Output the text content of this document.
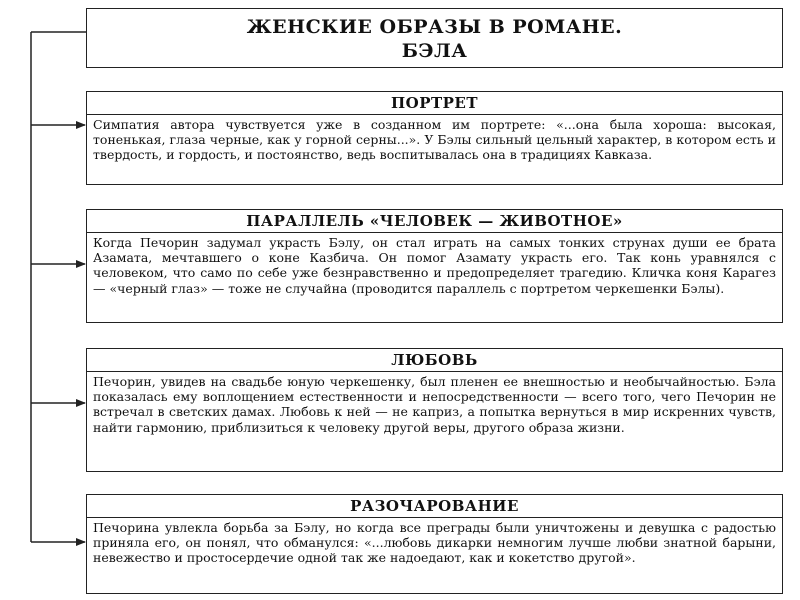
ЖЕНСКИЕ ОБРАЗЫ В РОМАНЕ.
БЭЛА
ПОРТРЕТ
Симпатия автора чувствуется уже в созданном им портрете: «...она была хороша: высокая, тоненькая, глаза черные, как у горной серны...». У Бэлы сильный цельный характер, в котором есть и твердость, и гордость, и постоянство, ведь воспитывалась она в традициях Кавказа.
ПАРАЛЛЕЛЬ «ЧЕЛОВЕК — ЖИВОТНОЕ»
Когда Печорин задумал украсть Бэлу, он стал играть на самых тонких струнах души ее брата Азамата, мечтавшего о коне Казбича. Он помог Азамату украсть его. Так конь уравнялся с человеком, что само по себе уже безнравственно и предопределяет трагедию. Кличка коня Карагез — «черный глаз» — тоже не случайна (проводится параллель с портретом черкешенки Бэлы).
ЛЮБОВЬ
Печорин, увидев на свадьбе юную черкешенку, был пленен ее внешностью и необычайностью. Бэла показалась ему воплощением естественности и непосредственности — всего того, чего Печорин не встречал в светских дамах. Любовь к ней — не каприз, а попытка вернуться в мир искренних чувств, найти гармонию, приблизиться к человеку другой веры, другого образа жизни.
РАЗОЧАРОВАНИЕ
Печорина увлекла борьба за Бэлу, но когда все преграды были уничтожены и девушка с радостью приняла его, он понял, что обманулся: «...любовь дикарки немногим лучше любви знатной барыни, невежество и простосердечие одной так же надоедают, как и кокетство другой».
